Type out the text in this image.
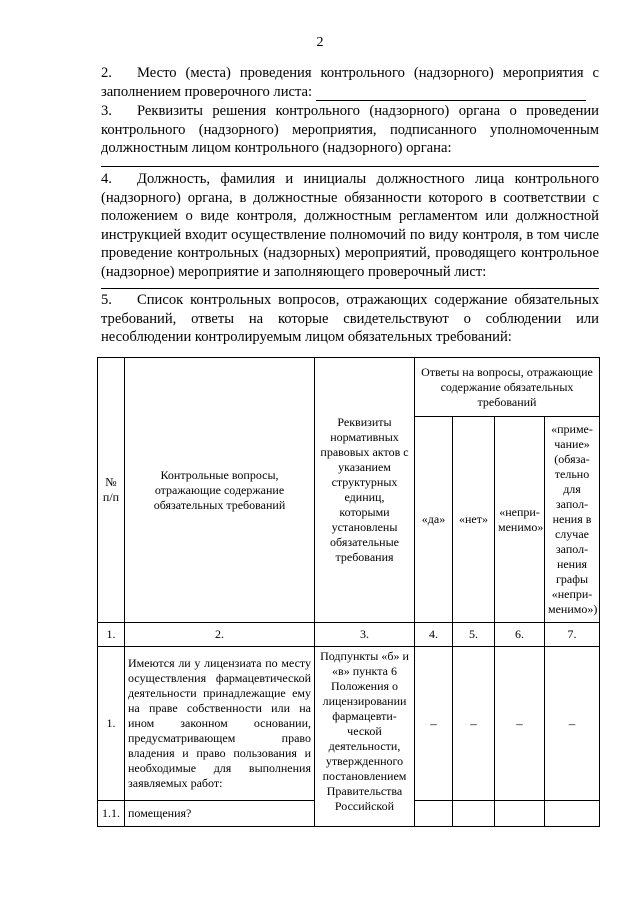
2
2. Место (места) проведения контрольного (надзорного) мероприятия с заполнением проверочного листа:
3. Реквизиты решения контрольного (надзорного) органа о проведении контрольного (надзорного) мероприятия, подписанного уполномоченным должностным лицом контрольного (надзорного) органа:
4. Должность, фамилия и инициалы должностного лица контрольного (надзорного) органа, в должностные обязанности которого в соответствии с положением о виде контроля, должностным регламентом или должностной инструкцией входит осуществление полномочий по виду контроля, в том числе проведение контрольных (надзорных) мероприятий, проводящего контрольное (надзорное) мероприятие и заполняющего проверочный лист:
5. Список контрольных вопросов, отражающих содержание обязательных требований, ответы на которые свидетельствуют о соблюдении или несоблюдении контролируемым лицом обязательных требований:
№ п/п	Контрольные вопросы, отражающие содержание обязательных требований	Реквизиты нормативных правовых актов с указанием структурных единиц, которыми установлены обязательные требования	Ответы на вопросы, отражающие содержание обязательных требований			
			«да»	«нет»	«непри-менимо»	«приме-чание» (обяза-тельно для запол-нения в случае запол-нения графы «непри-менимо»)
1.	2.	3.	4.	5.	6.	7.
1.	Имеются ли у лицензиата по месту осуществления фармацевтической деятельности принадлежащие ему на праве собственности или на ином законном основании, предусматривающем право владения и право пользования и необходимые для выполнения заявляемых работ:	Подпункты «б» и «в» пункта 6 Положения о лицензировании фармацевти-ческой деятельности, утвержденного постановлением Правительства Российской	–	–	–	–
1.1.	помещения?					
